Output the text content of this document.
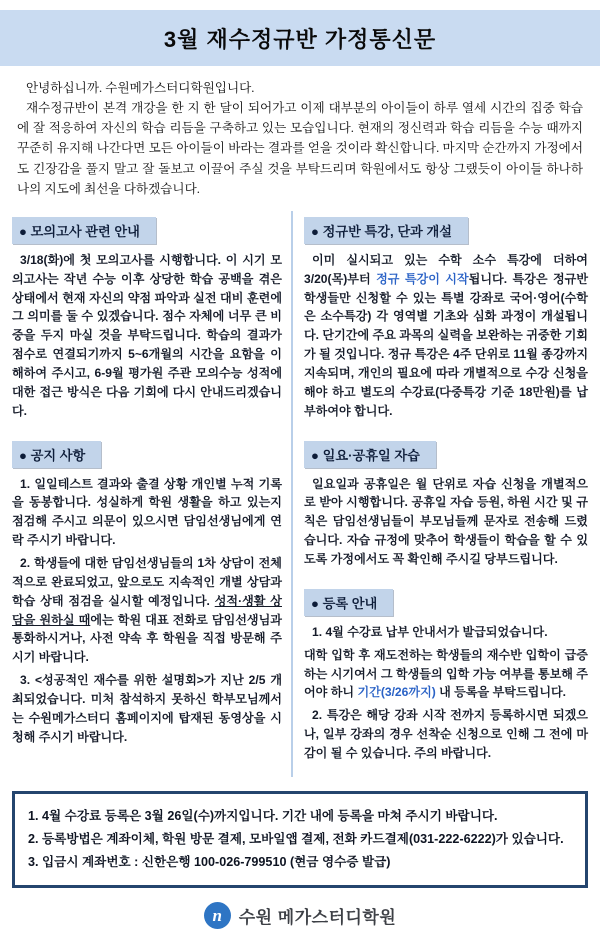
3월 재수정규반 가정통신문
안녕하십니까. 수원메가스터디학원입니다.
재수정규반이 본격 개강을 한 지 한 달이 되어가고 이제 대부분의 아이들이 하루 열세 시간의 집중 학습에 잘 적응하여 자신의 학습 리듬을 구축하고 있는 모습입니다. 현재의 정신력과 학습 리듬을 수능 때까지 꾸준히 유지해 나간다면 모든 아이들이 바라는 결과를 얻을 것이라 확신합니다. 마지막 순간까지 가정에서도 긴장감을 풀지 말고 잘 돌보고 이끌어 주실 것을 부탁드리며 학원에서도 항상 그랬듯이 아이들 하나하나의 지도에 최선을 다하겠습니다.
● 모의고사 관련 안내

3/18(화)에 첫 모의고사를 시행합니다. 이 시기 모의고사는 작년 수능 이후 상당한 학습 공백을 겪은 상태에서 현재 자신의 약점 파악과 실전 대비 훈련에 그 의미를 둘 수 있겠습니다. 점수 자체에 너무 큰 비중을 두지 마실 것을 부탁드립니다. 학습의 결과가 점수로 연결되기까지 5~6개월의 시간을 요함을 이해하여 주시고, 6-9월 평가원 주관 모의수능 성적에 대한 접근 방식은 다음 기회에 다시 안내드리겠습니다.

● 공지 사항

1. 일일테스트 결과와 출결 상황 개인별 누적 기록을 동봉합니다. 성실하게 학원 생활을 하고 있는지 점검해 주시고 의문이 있으시면 담임선생님에게 연락 주시기 바랍니다.

2. 학생들에 대한 담임선생님들의 1차 상담이 전체적으로 완료되었고, 앞으로도 지속적인 개별 상담과 학습 상태 점검을 실시할 예정입니다. 성적·생활 상담을 원하실 때에는 학원 대표 전화로 담임선생님과 통화하시거나, 사전 약속 후 학원을 직접 방문해 주시기 바랍니다.

3. <성공적인 재수를 위한 설명회>가 지난 2/5 개최되었습니다. 미처 참석하지 못하신 학부모님께서는 수원메가스터디 홈페이지에 탑재된 동영상을 시청해 주시기 바랍니다.

● 정규반 특강, 단과 개설

이미 실시되고 있는 수학 소수 특강에 더하여 3/20(목)부터 정규 특강이 시작됩니다. 특강은 정규반 학생들만 신청할 수 있는 특별 강좌로 국어·영어(수학은 소수특강) 각 영역별 기초와 심화 과정이 개설됩니다. 단기간에 주요 과목의 실력을 보완하는 귀중한 기회가 될 것입니다. 정규 특강은 4주 단위로 11월 종강까지 지속되며, 개인의 필요에 따라 개별적으로 수강 신청을 해야 하고 별도의 수강료(다중특강 기준 18만원)를 납부하여야 합니다.

● 일요·공휴일 자습

일요일과 공휴일은 월 단위로 자습 신청을 개별적으로 받아 시행합니다. 공휴일 자습 등원, 하원 시간 및 규칙은 담임선생님들이 부모님들께 문자로 전송해 드렸습니다. 자습 규정에 맞추어 학생들이 학습을 할 수 있도록 가정에서도 꼭 확인해 주시길 당부드립니다.

● 등록 안내

1. 4월 수강료 납부 안내서가 발급되었습니다.

대학 입학 후 재도전하는 학생들의 재수반 입학이 급증하는 시기여서 그 학생들의 입학 가능 여부를 통보해 주어야 하니 기간(3/26까지) 내 등록을 부탁드립니다.

2. 특강은 해당 강좌 시작 전까지 등록하시면 되겠으나, 일부 강좌의 경우 선착순 신청으로 인해 그 전에 마감이 될 수 있습니다. 주의 바랍니다.

1. 4월 수강료 등록은 3월 26일(수)까지입니다. 기간 내에 등록을 마쳐 주시기 바랍니다.
2. 등록방법은 계좌이체, 학원 방문 결제, 모바일앱 결제, 전화 카드결제(031-222-6222)가 있습니다.
3. 입금시 계좌번호 : 신한은행 100-026-799510 (현금 영수증 발급)
n 수원 메가스터디학원
